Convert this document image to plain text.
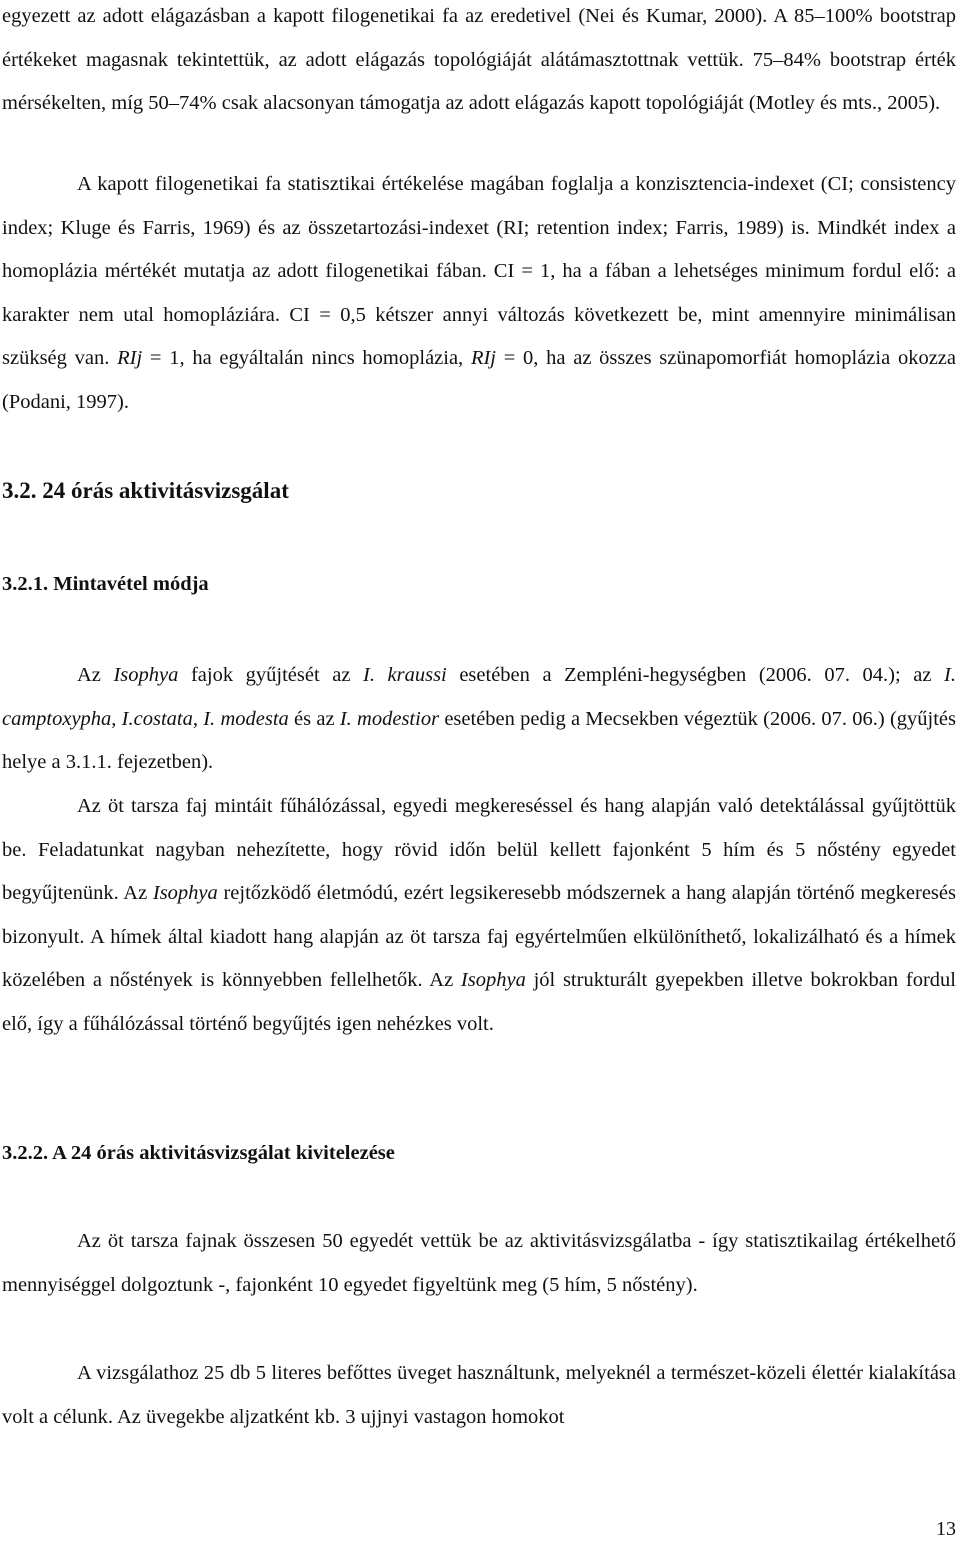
egyezett az adott elágazásban a kapott filogenetikai fa az eredetivel (Nei és Kumar, 2000). A 85–100% bootstrap értékeket magasnak tekintettük, az adott elágazás topológiáját alátámasztottnak vettük. 75–84% bootstrap érték mérsékelten, míg 50–74% csak alacsonyan támogatja az adott elágazás kapott topológiáját (Motley és mts., 2005).

A kapott filogenetikai fa statisztikai értékelése magában foglalja a konzisztencia-indexet (CI; consistency index; Kluge és Farris, 1969) és az összetartozási-indexet (RI; retention index; Farris, 1989) is. Mindkét index a homoplázia mértékét mutatja az adott filogenetikai fában. CI = 1, ha a fában a lehetséges minimum fordul elő: a karakter nem utal homopláziára. CI = 0,5 kétszer annyi változás következett be, mint amennyire minimálisan szükség van. RIj = 1, ha egyáltalán nincs homoplázia, RIj = 0, ha az összes szünapomorfiát homoplázia okozza (Podani, 1997).

3.2. 24 órás aktivitásvizsgálat
3.2.1. Mintavétel módja

Az Isophya fajok gyűjtését az I. kraussi esetében a Zempléni-hegységben (2006. 07. 04.); az I. camptoxypha, I.costata, I. modesta és az I. modestior esetében pedig a Mecsekben végeztük (2006. 07. 06.) (gyűjtés helye a 3.1.1. fejezetben).

Az öt tarsza faj mintáit fűhálózással, egyedi megkereséssel és hang alapján való detektálással gyűjtöttük be. Feladatunkat nagyban nehezítette, hogy rövid időn belül kellett fajonként 5 hím és 5 nőstény egyedet begyűjtenünk. Az Isophya rejtőzködő életmódú, ezért legsikeresebb módszernek a hang alapján történő megkeresés bizonyult. A hímek által kiadott hang alapján az öt tarsza faj egyértelműen elkülöníthető, lokalizálható és a hímek közelében a nőstények is könnyebben fellelhetők. Az Isophya jól strukturált gyepekben illetve bokrokban fordul elő, így a fűhálózással történő begyűjtés igen nehézkes volt.

3.2.2. A 24 órás aktivitásvizsgálat kivitelezése

Az öt tarsza fajnak összesen 50 egyedét vettük be az aktivitásvizsgálatba - így statisztikailag értékelhető mennyiséggel dolgoztunk -, fajonként 10 egyedet figyeltünk meg (5 hím, 5 nőstény).

A vizsgálathoz 25 db 5 literes befőttes üveget használtunk, melyeknél a természet-közeli élettér kialakítása volt a célunk. Az üvegekbe aljzatként kb. 3 ujjnyi vastagon homokot

13
